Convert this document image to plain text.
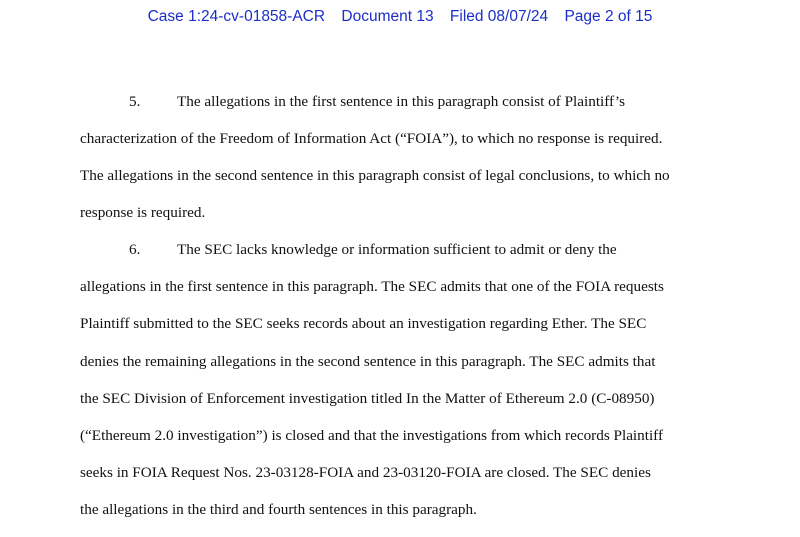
Case 1:24-cv-01858-ACR Document 13 Filed 08/07/24 Page 2 of 15
5. The allegations in the first sentence in this paragraph consist of Plaintiff’s
characterization of the Freedom of Information Act (“FOIA”), to which no response is required.
The allegations in the second sentence in this paragraph consist of legal conclusions, to which no
response is required.
6. The SEC lacks knowledge or information sufficient to admit or deny the
allegations in the first sentence in this paragraph. The SEC admits that one of the FOIA requests
Plaintiff submitted to the SEC seeks records about an investigation regarding Ether. The SEC
denies the remaining allegations in the second sentence in this paragraph. The SEC admits that
the SEC Division of Enforcement investigation titled In the Matter of Ethereum 2.0 (C-08950)
(“Ethereum 2.0 investigation”) is closed and that the investigations from which records Plaintiff
seeks in FOIA Request Nos. 23-03128-FOIA and 23-03120-FOIA are closed. The SEC denies
the allegations in the third and fourth sentences in this paragraph.
